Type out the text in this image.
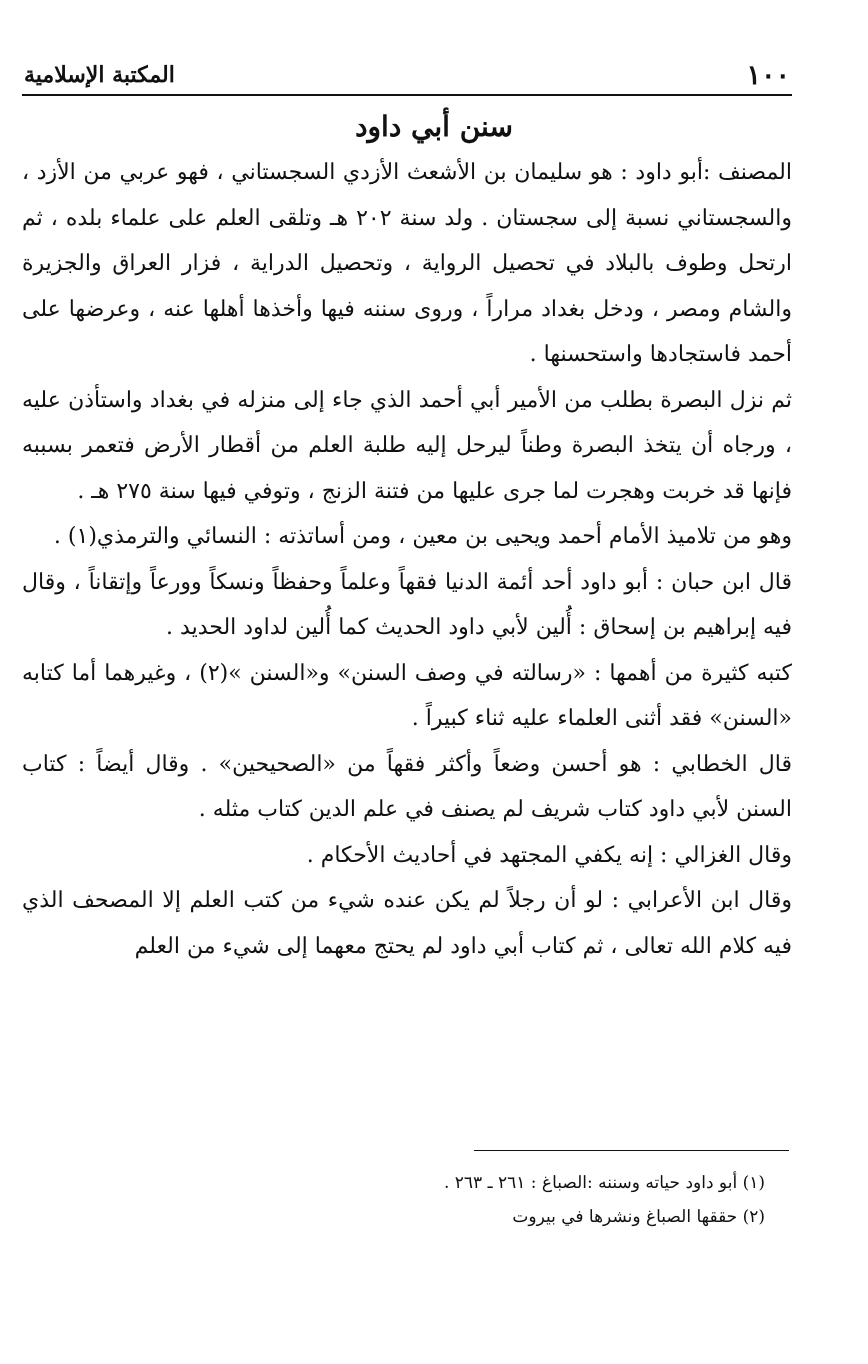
١٠٠
المكتبة الإسلامية
سنن أبي داود

المصنف :أبو داود : هو سليمان بن الأشعث الأزدي السجستاني ، فهو عربي من الأزد ، والسجستاني نسبة إلى سجستان . ولد سنة ٢٠٢ هـ وتلقى العلم على علماء بلده ، ثم ارتحل وطوف بالبلاد في تحصيل الرواية ، وتحصيل الدراية ، فزار العراق والجزيرة والشام ومصر ، ودخل بغداد مراراً ، وروى سننه فيها وأخذها أهلها عنه ، وعرضها على أحمد فاستجادها واستحسنها .

ثم نزل البصرة بطلب من الأمير أبي أحمد الذي جاء إلى منزله في بغداد واستأذن عليه ، ورجاه أن يتخذ البصرة وطناً ليرحل إليه طلبة العلم من أقطار الأرض فتعمر بسببه فإنها قد خربت وهجرت لما جرى عليها من فتنة الزنج ، وتوفي فيها سنة ٢٧٥ هـ .

وهو من تلاميذ الأمام أحمد ويحيى بن معين ، ومن أساتذته : النسائي والترمذي(١) .

قال ابن حبان : أبو داود أحد أئمة الدنيا فقهاً وعلماً وحفظاً ونسكاً وورعاً وإتقاناً ، وقال فيه إبراهيم بن إسحاق : أُلين لأبي داود الحديث كما أُلين لداود الحديد .

كتبه كثيرة من أهمها : «رسالته في وصف السنن» و«السنن »(٢) ، وغيرهما أما كتابه «السنن» فقد أثنى العلماء عليه ثناء كبيراً .

قال الخطابي : هو أحسن وضعاً وأكثر فقهاً من «الصحيحين» . وقال أيضاً : كتاب السنن لأبي داود كتاب شريف لم يصنف في علم الدين كتاب مثله .

وقال الغزالي : إنه يكفي المجتهد في أحاديث الأحكام .

وقال ابن الأعرابي : لو أن رجلاً لم يكن عنده شيء من كتب العلم إلا المصحف الذي فيه كلام الله تعالى ، ثم كتاب أبي داود لم يحتج معهما إلى شيء من العلم

(١) أبو داود حياته وسننه :الصباغ : ٢٦١ ـ ٢٦٣ .

(٢) حققها الصباغ ونشرها في بيروت
